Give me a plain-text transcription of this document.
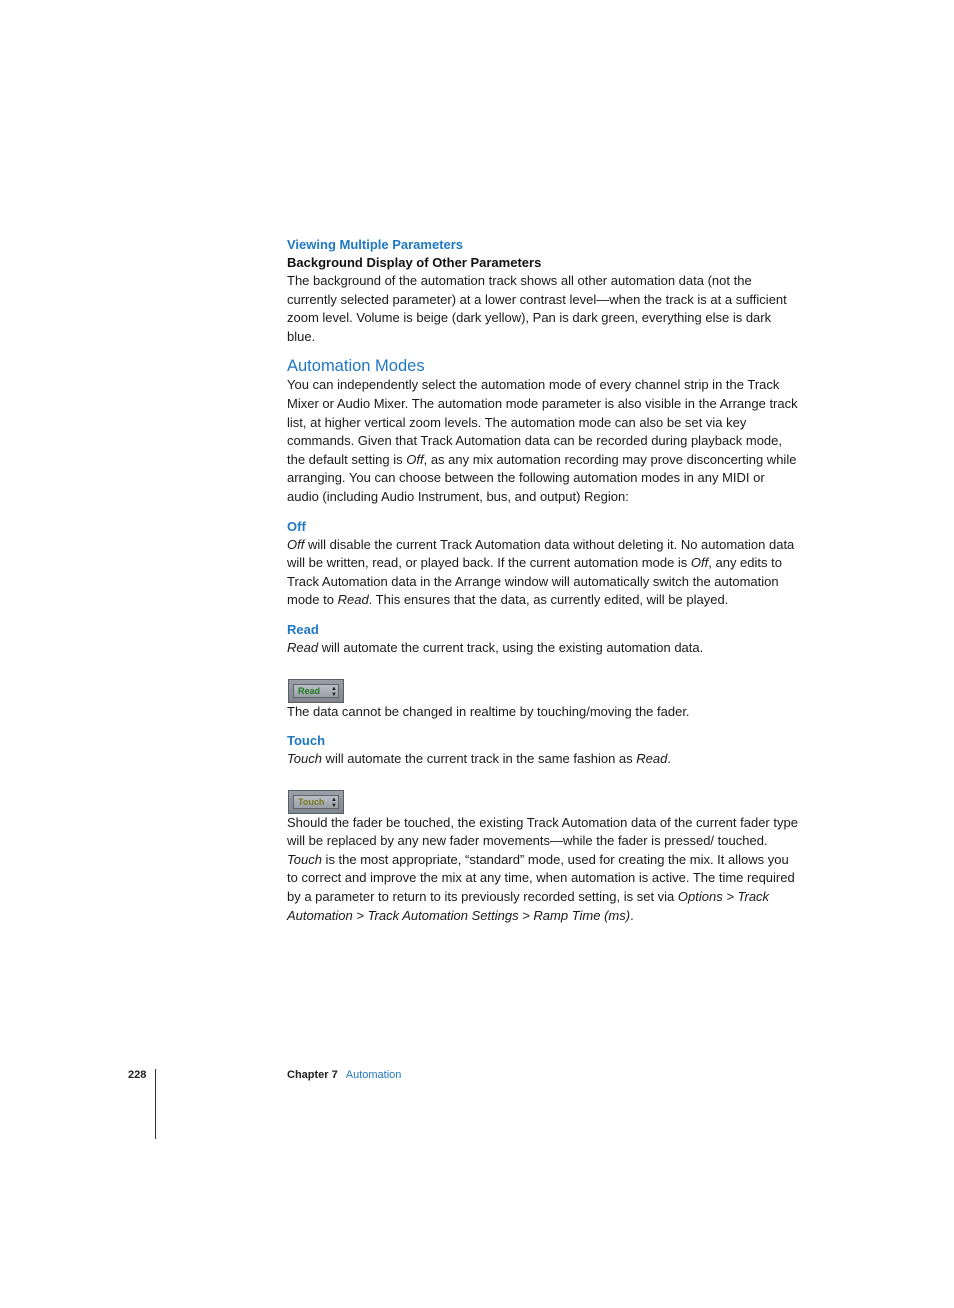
Viewing Multiple Parameters
Background Display of Other Parameters

The background of the automation track shows all other automation data (not the currently selected parameter) at a lower contrast level—when the track is at a sufficient zoom level. Volume is beige (dark yellow), Pan is dark green, everything else is dark blue.

Automation Modes

You can independently select the automation mode of every channel strip in the Track Mixer or Audio Mixer. The automation mode parameter is also visible in the Arrange track list, at higher vertical zoom levels. The automation mode can also be set via key commands. Given that Track Automation data can be recorded during playback mode, the default setting is Off, as any mix automation recording may prove disconcerting while arranging. You can choose between the following automation modes in any MIDI or audio (including Audio Instrument, bus, and output) Region:

Off

Off will disable the current Track Automation data without deleting it. No automation data will be written, read, or played back. If the current automation mode is Off, any edits to Track Automation data in the Arrange window will automatically switch the automation mode to Read. This ensures that the data, as currently edited, will be played.

Read

Read will automate the current track, using the existing automation data.

Read	▲
▼

The data cannot be changed in realtime by touching/moving the fader.

Touch

Touch will automate the current track in the same fashion as Read.

Touch	▲
▼

Should the fader be touched, the existing Track Automation data of the current fader type will be replaced by any new fader movements—while the fader is pressed/ touched. Touch is the most appropriate, “standard” mode, used for creating the mix. It allows you to correct and improve the mix at any time, when automation is active. The time required by a parameter to return to its previously recorded setting, is set via Options > Track Automation > Track Automation Settings > Ramp Time (ms).

228	Chapter 7 Automation
